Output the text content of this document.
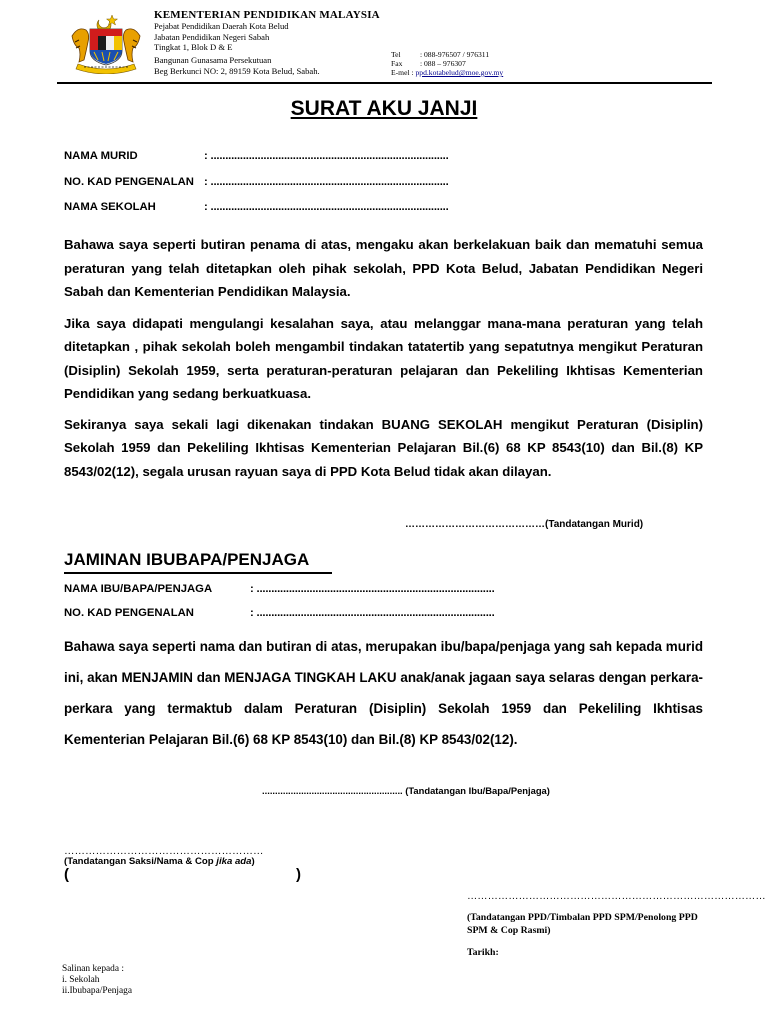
KEMENTERIAN PENDIDIKAN MALAYSIA
Pejabat Pendidikan Daerah Kota Belud
Jabatan Pendidikan Negeri Sabah
Tingkat 1, Blok D & E
Bangunan Gunasama Persekutuan
Beg Berkunci NO: 2, 89159 Kota Belud, Sabah.
Tel	: 088-976507 / 976311
Fax : 088 – 976307
E-mel : ppd.kotabelud@moe.gov.my
SURAT AKU JANJI
NAMA MURID	: .................................................................................
NO. KAD PENGENALAN : .................................................................................
NAMA SEKOLAH	: .................................................................................
Bahawa saya seperti butiran penama di atas, mengaku akan berkelakuan baik dan mematuhi semua peraturan yang telah ditetapkan oleh pihak sekolah, PPD Kota Belud, Jabatan Pendidikan Negeri Sabah dan Kementerian Pendidikan Malaysia.
Jika saya didapati mengulangi kesalahan saya, atau melanggar mana-mana peraturan yang telah ditetapkan , pihak sekolah boleh mengambil tindakan tatatertib yang sepatutnya mengikut Peraturan (Disiplin) Sekolah 1959, serta peraturan-peraturan pelajaran dan Pekeliling Ikhtisas Kementerian Pendidikan yang sedang berkuatkuasa.
Sekiranya saya sekali lagi dikenakan tindakan BUANG SEKOLAH mengikut Peraturan (Disiplin) Sekolah 1959 dan Pekeliling Ikhtisas Kementerian Pelajaran Bil.(6) 68 KP 8543(10) dan Bil.(8) KP 8543/02(12), segala urusan rayuan saya di PPD Kota Belud tidak akan dilayan.
……………………………………(Tandatangan Murid)
JAMINAN IBUBAPA/PENJAGA
NAMA IBU/BAPA/PENJAGA	: .................................................................................
NO. KAD PENGENALAN	: .................................................................................
Bahawa saya seperti nama dan butiran di atas, merupakan ibu/bapa/penjaga yang sah kepada murid ini, akan MENJAMIN dan MENJAGA TINGKAH LAKU anak/anak jagaan saya selaras dengan perkara-perkara yang termaktub dalam Peraturan (Disiplin) Sekolah 1959 dan Pekeliling Ikhtisas Kementerian Pelajaran Bil.(6) 68 KP 8543(10) dan Bil.(8) KP 8543/02(12).
...................................................... (Tandatangan Ibu/Bapa/Penjaga)
…………………………………………………
(Tandatangan Saksi/Nama & Cop jika ada)
(	)
……………………………………………………………………………
(Tandatangan PPD/Timbalan PPD SPM/Penolong PPD SPM & Cop Rasmi)
Tarikh:
Salinan kepada :
i. Sekolah
ii.Ibubapa/Penjaga
